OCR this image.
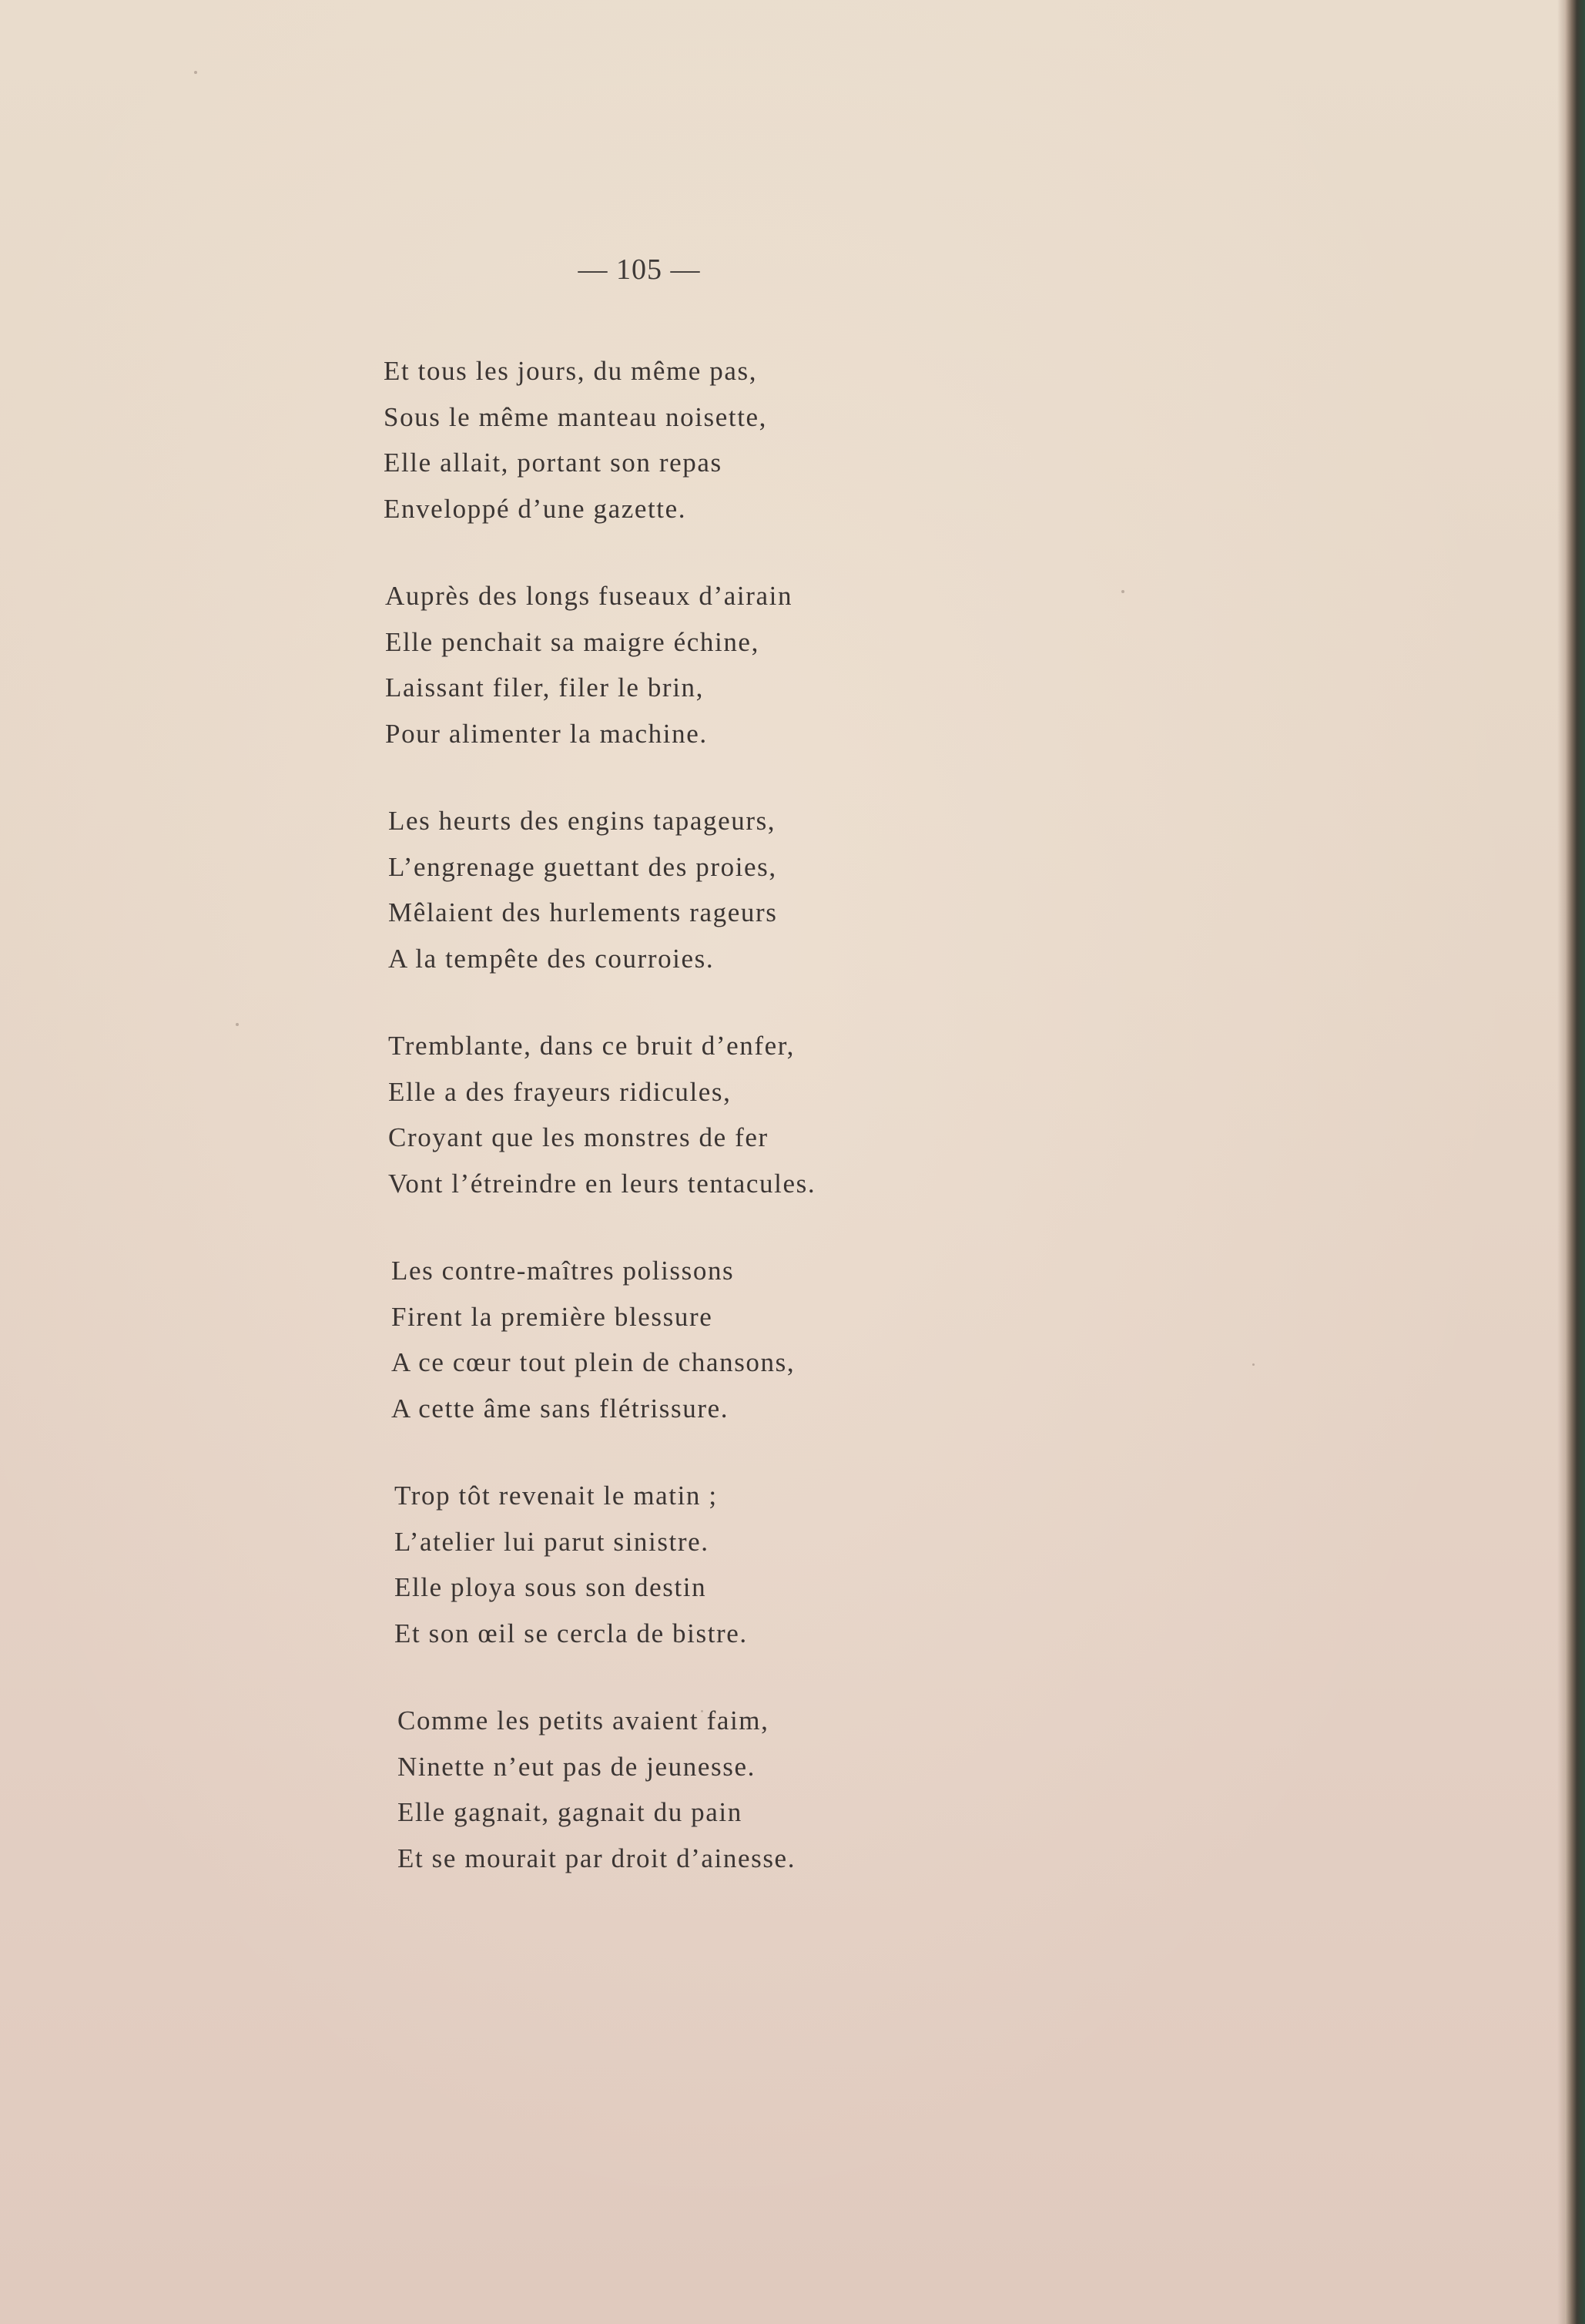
— 105 —
Et tous les jours, du même pas,
Sous le même manteau noisette,
Elle allait, portant son repas
Enveloppé d’une gazette.
Auprès des longs fuseaux d’airain
Elle penchait sa maigre échine,
Laissant filer, filer le brin,
Pour alimenter la machine.
Les heurts des engins tapageurs,
L’engrenage guettant des proies,
Mêlaient des hurlements rageurs
A la tempête des courroies.
Tremblante, dans ce bruit d’enfer,
Elle a des frayeurs ridicules,
Croyant que les monstres de fer
Vont l’étreindre en leurs tentacules.
Les contre-maîtres polissons
Firent la première blessure
A ce cœur tout plein de chansons,
A cette âme sans flétrissure.
Trop tôt revenait le matin ;
L’atelier lui parut sinistre.
Elle ploya sous son destin
Et son œil se cercla de bistre.
Comme les petits avaient faim,
Ninette n’eut pas de jeunesse.
Elle gagnait, gagnait du pain
Et se mourait par droit d’ainesse.
